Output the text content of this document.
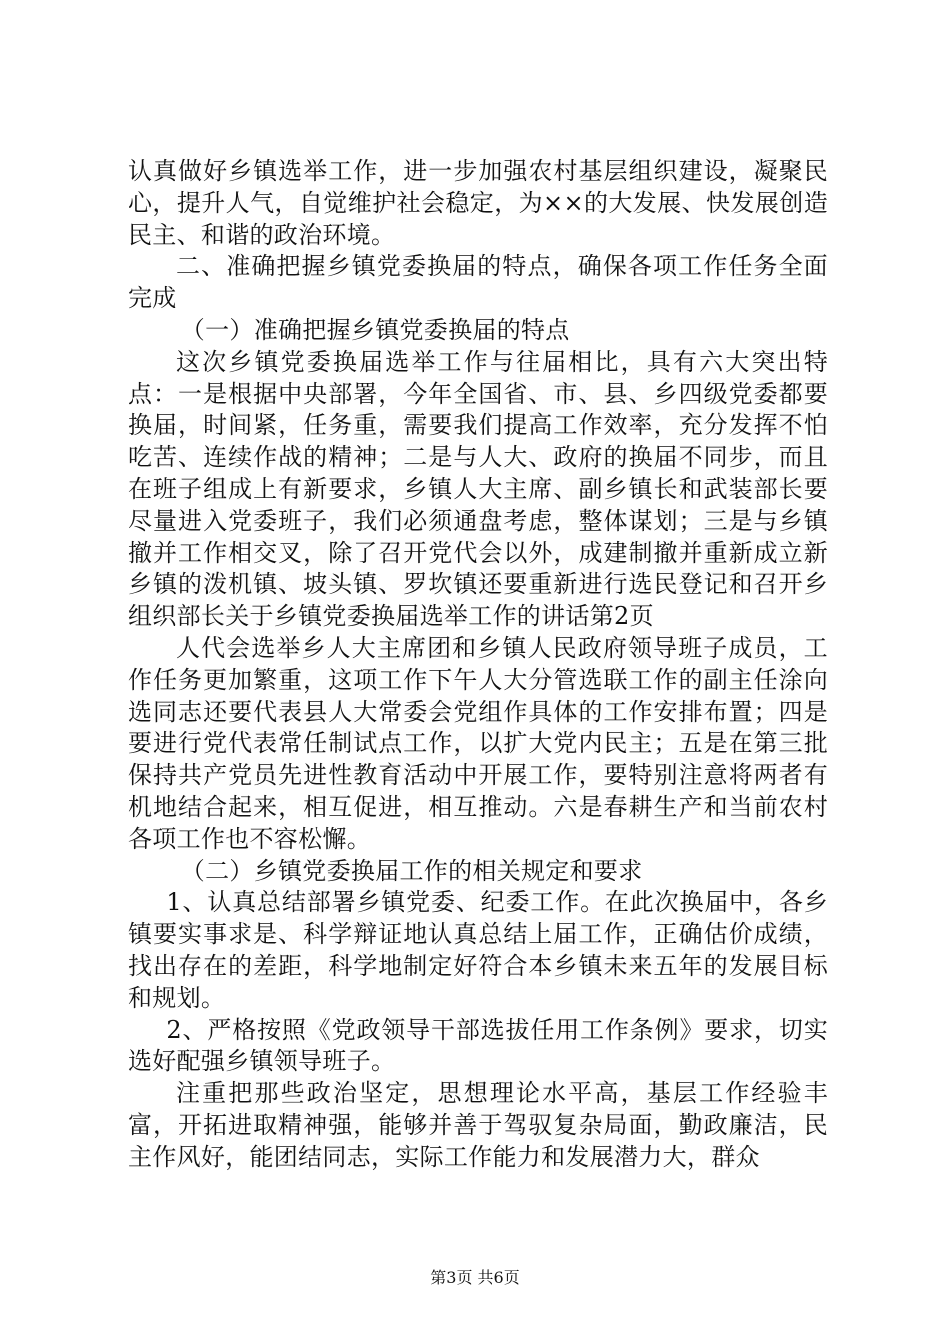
认真做好乡镇选举工作，进一步加强农村基层组织建设，凝聚民心，提升人气，自觉维护社会稳定，为××的大发展、快发展创造民主、和谐的政治环境。

二、准确把握乡镇党委换届的特点，确保各项工作任务全面完成

（一）准确把握乡镇党委换届的特点

这次乡镇党委换届选举工作与往届相比，具有六大突出特点：一是根据中央部署，今年全国省、市、县、乡四级党委都要换届，时间紧，任务重，需要我们提高工作效率，充分发挥不怕吃苦、连续作战的精神；二是与人大、政府的换届不同步，而且在班子组成上有新要求，乡镇人大主席、副乡镇长和武装部长要尽量进入党委班子，我们必须通盘考虑，整体谋划；三是与乡镇撤并工作相交叉，除了召开党代会以外，成建制撤并重新成立新乡镇的泼机镇、坡头镇、罗坎镇还要重新进行选民登记和召开乡组织部长关于乡镇党委换届选举工作的讲话第2页

人代会选举乡人大主席团和乡镇人民政府领导班子成员，工作任务更加繁重，这项工作下午人大分管选联工作的副主任涂向选同志还要代表县人大常委会党组作具体的工作安排布置；四是要进行党代表常任制试点工作，以扩大党内民主；五是在第三批保持共产党员先进性教育活动中开展工作，要特别注意将两者有机地结合起来，相互促进，相互推动。六是春耕生产和当前农村各项工作也不容松懈。

（二）乡镇党委换届工作的相关规定和要求

1、认真总结部署乡镇党委、纪委工作。在此次换届中，各乡镇要实事求是、科学辩证地认真总结上届工作，正确估价成绩，找出存在的差距，科学地制定好符合本乡镇未来五年的发展目标和规划。

2、严格按照《党政领导干部选拔任用工作条例》要求，切实选好配强乡镇领导班子。

注重把那些政治坚定，思想理论水平高，基层工作经验丰富，开拓进取精神强，能够并善于驾驭复杂局面，勤政廉洁，民主作风好，能团结同志，实际工作能力和发展潜力大，群众

第3页 共6页
